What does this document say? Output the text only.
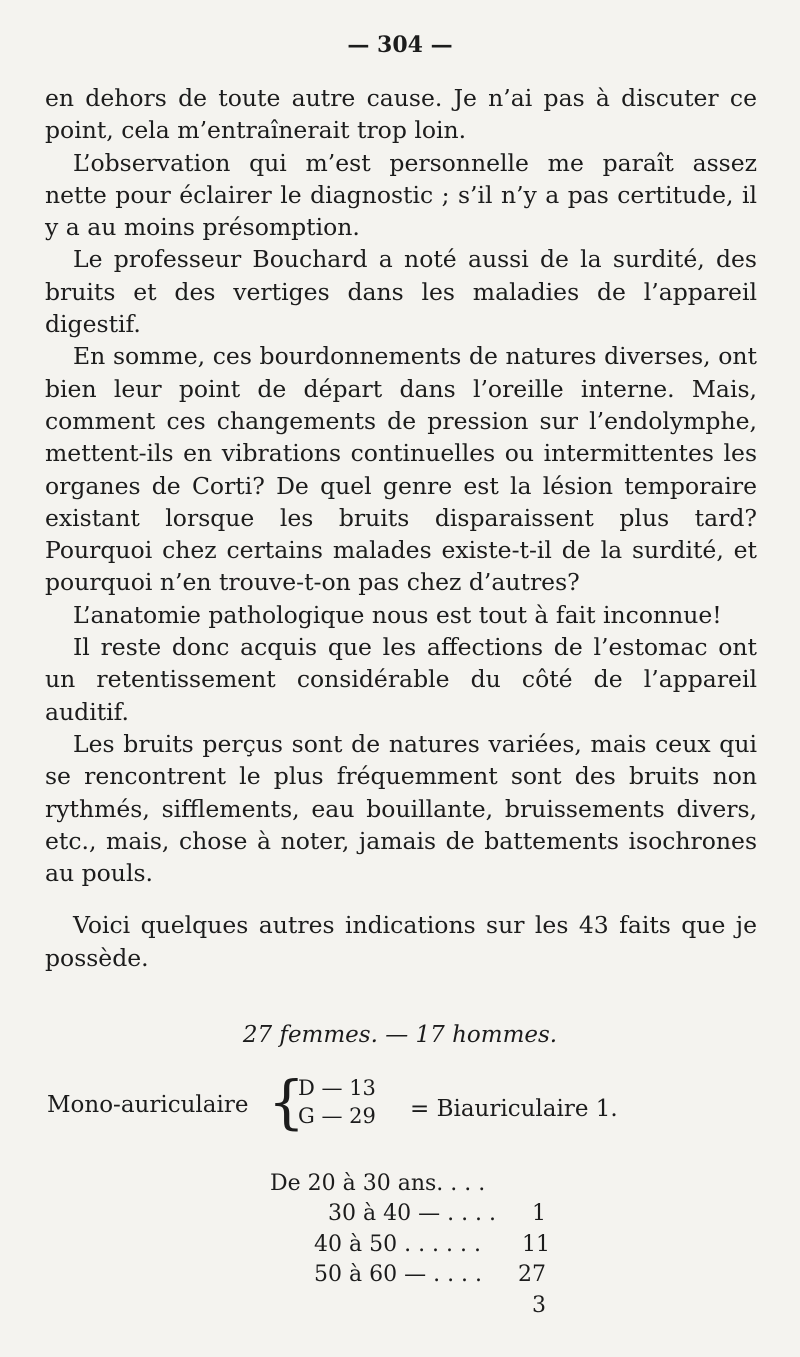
— 304 —

en dehors de toute autre cause. Je n’ai pas à discuter ce point, cela m’entraînerait trop loin.

L’observation qui m’est personnelle me paraît assez nette pour éclairer le diagnostic ; s’il n’y a pas certitude, il y a au moins présomption.

Le professeur Bouchard a noté aussi de la surdité, des bruits et des vertiges dans les maladies de l’appareil digestif.

En somme, ces bourdonnements de natures diverses, ont bien leur point de départ dans l’oreille interne. Mais, comment ces changements de pression sur l’endolymphe, mettent-ils en vibrations continuelles ou intermittentes les organes de Corti? De quel genre est la lésion temporaire existant lorsque les bruits disparaissent plus tard? Pourquoi chez certains malades existe-t-il de la surdité, et pourquoi n’en trouve-t-on pas chez d’autres?

L’anatomie pathologique nous est tout à fait inconnue!

Il reste donc acquis que les affections de l’estomac ont un retentissement considérable du côté de l’appareil auditif.

Les bruits perçus sont de natures variées, mais ceux qui se rencontrent le plus fréquemment sont des bruits non rythmés, sifflements, eau bouillante, bruissements divers, etc., mais, chose à noter, jamais de battements isochrones au pouls.

Voici quelques autres indications sur les 43 faits que je possède.

27 femmes. — 17 hommes.
Mono-auriculaire {
D — 13
G — 29 = Biauriculaire 1.

De 20 à 30 ans. . . .

1

30 à 40 — . . . .

11

40 à 50 . . . . . .

27

50 à 60 — . . . .

3
